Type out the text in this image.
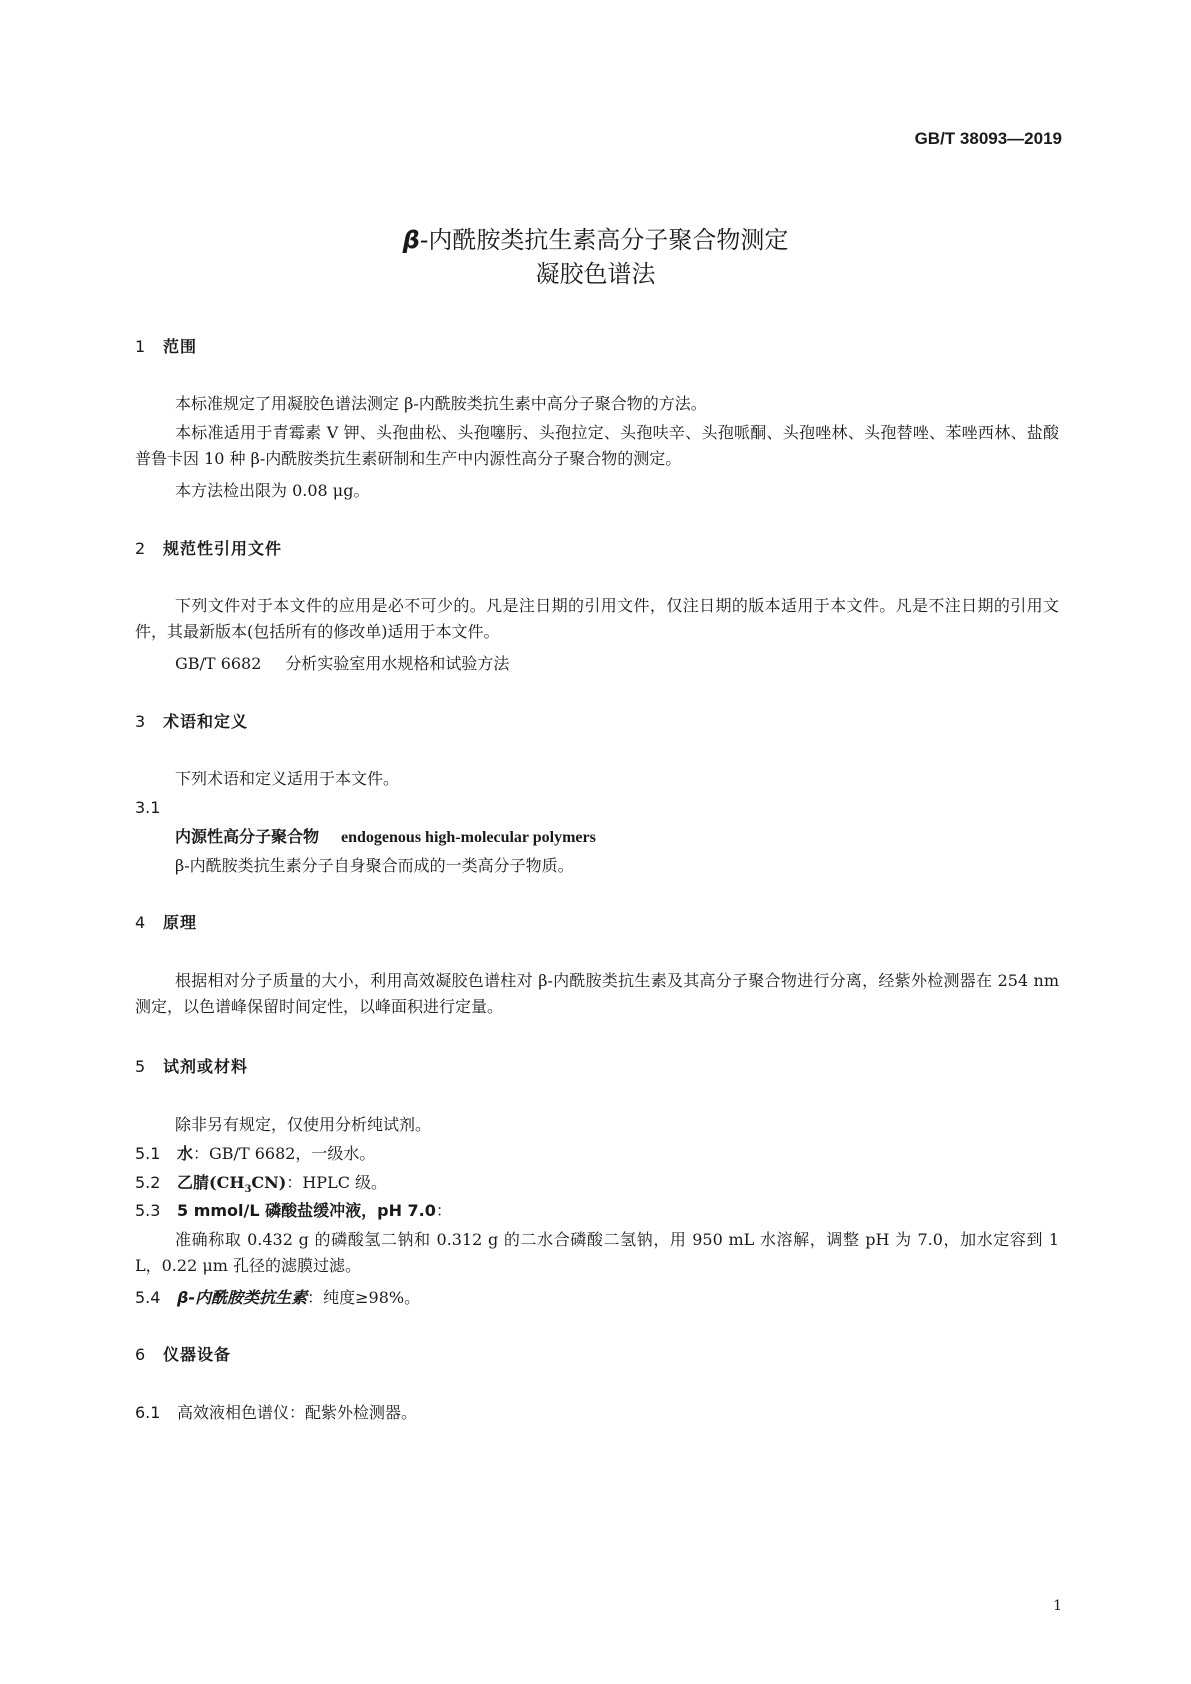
GB/T 38093—2019
β-内酰胺类抗生素高分子聚合物测定
凝胶色谱法
1 范围
本标准规定了用凝胶色谱法测定 β-内酰胺类抗生素中高分子聚合物的方法。
本标准适用于青霉素 V 钾、头孢曲松、头孢噻肟、头孢拉定、头孢呋辛、头孢哌酮、头孢唑林、头孢替唑、苯唑西林、盐酸普鲁卡因 10 种 β-内酰胺类抗生素研制和生产中内源性高分子聚合物的测定。
本方法检出限为 0.08 μg。
2 规范性引用文件
下列文件对于本文件的应用是必不可少的。凡是注日期的引用文件，仅注日期的版本适用于本文件。凡是不注日期的引用文件，其最新版本(包括所有的修改单)适用于本文件。
GB/T 6682 分析实验室用水规格和试验方法
3 术语和定义
下列术语和定义适用于本文件。
3.1
内源性高分子聚合物 endogenous high-molecular polymers
β-内酰胺类抗生素分子自身聚合而成的一类高分子物质。
4 原理
根据相对分子质量的大小，利用高效凝胶色谱柱对 β-内酰胺类抗生素及其高分子聚合物进行分离，经紫外检测器在 254 nm 测定，以色谱峰保留时间定性，以峰面积进行定量。
5 试剂或材料
除非另有规定，仅使用分析纯试剂。
5.1 水：GB/T 6682，一级水。
5.2 乙腈$(CH_3CN)$：HPLC 级。
5.3 5 mmol/L 磷酸盐缓冲液，pH 7.0：
准确称取 0.432 g 的磷酸氢二钠和 0.312 g 的二水合磷酸二氢钠，用 950 mL 水溶解，调整 pH 为 7.0，加水定容到 1 L，0.22 μm 孔径的滤膜过滤。
5.4 β-内酰胺类抗生素：纯度≥98%。
6 仪器设备
6.1 高效液相色谱仪：配紫外检测器。
1
